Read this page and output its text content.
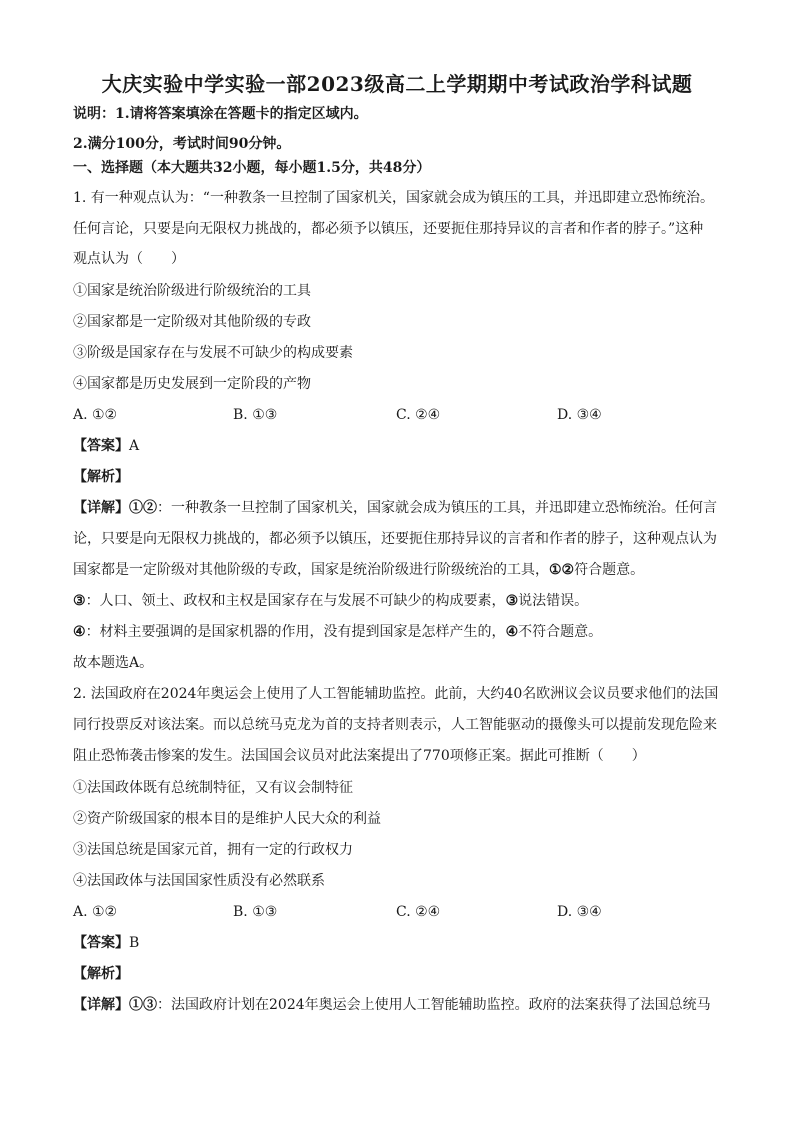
大庆实验中学实验一部2023级高二上学期期中考试政治学科试题
说明：1.请将答案填涂在答题卡的指定区域内。
2.满分100分，考试时间90分钟。
一、选择题（本大题共32小题，每小题1.5分，共48分）
1. 有一种观点认为：“一种教条一旦控制了国家机关，国家就会成为镇压的工具，并迅即建立恐怖统治。
任何言论，只要是向无限权力挑战的，都必须予以镇压，还要扼住那持异议的言者和作者的脖子。”这种
观点认为（　　）
①国家是统治阶级进行阶级统治的工具
②国家都是一定阶级对其他阶级的专政
③阶级是国家存在与发展不可缺少的构成要素
④国家都是历史发展到一定阶段的产物
A. ①②	B. ①③	C. ②④	D. ③④
【答案】A
【解析】
【详解】①②：一种教条一旦控制了国家机关，国家就会成为镇压的工具，并迅即建立恐怖统治。任何言
论，只要是向无限权力挑战的，都必须予以镇压，还要扼住那持异议的言者和作者的脖子，这种观点认为
国家都是一定阶级对其他阶级的专政，国家是统治阶级进行阶级统治的工具，①②符合题意。
③：人口、领土、政权和主权是国家存在与发展不可缺少的构成要素，③说法错误。
④：材料主要强调的是国家机器的作用，没有提到国家是怎样产生的，④不符合题意。
故本题选A。
2. 法国政府在2024年奥运会上使用了人工智能辅助监控。此前，大约40名欧洲议会议员要求他们的法国
同行投票反对该法案。而以总统马克龙为首的支持者则表示，人工智能驱动的摄像头可以提前发现危险来
阻止恐怖袭击惨案的发生。法国国会议员对此法案提出了770项修正案。据此可推断（　　）
①法国政体既有总统制特征，又有议会制特征
②资产阶级国家的根本目的是维护人民大众的利益
③法国总统是国家元首，拥有一定的行政权力
④法国政体与法国国家性质没有必然联系
A. ①②	B. ①③	C. ②④	D. ③④
【答案】B
【解析】
【详解】①③：法国政府计划在2024年奥运会上使用人工智能辅助监控。政府的法案获得了法国总统马
